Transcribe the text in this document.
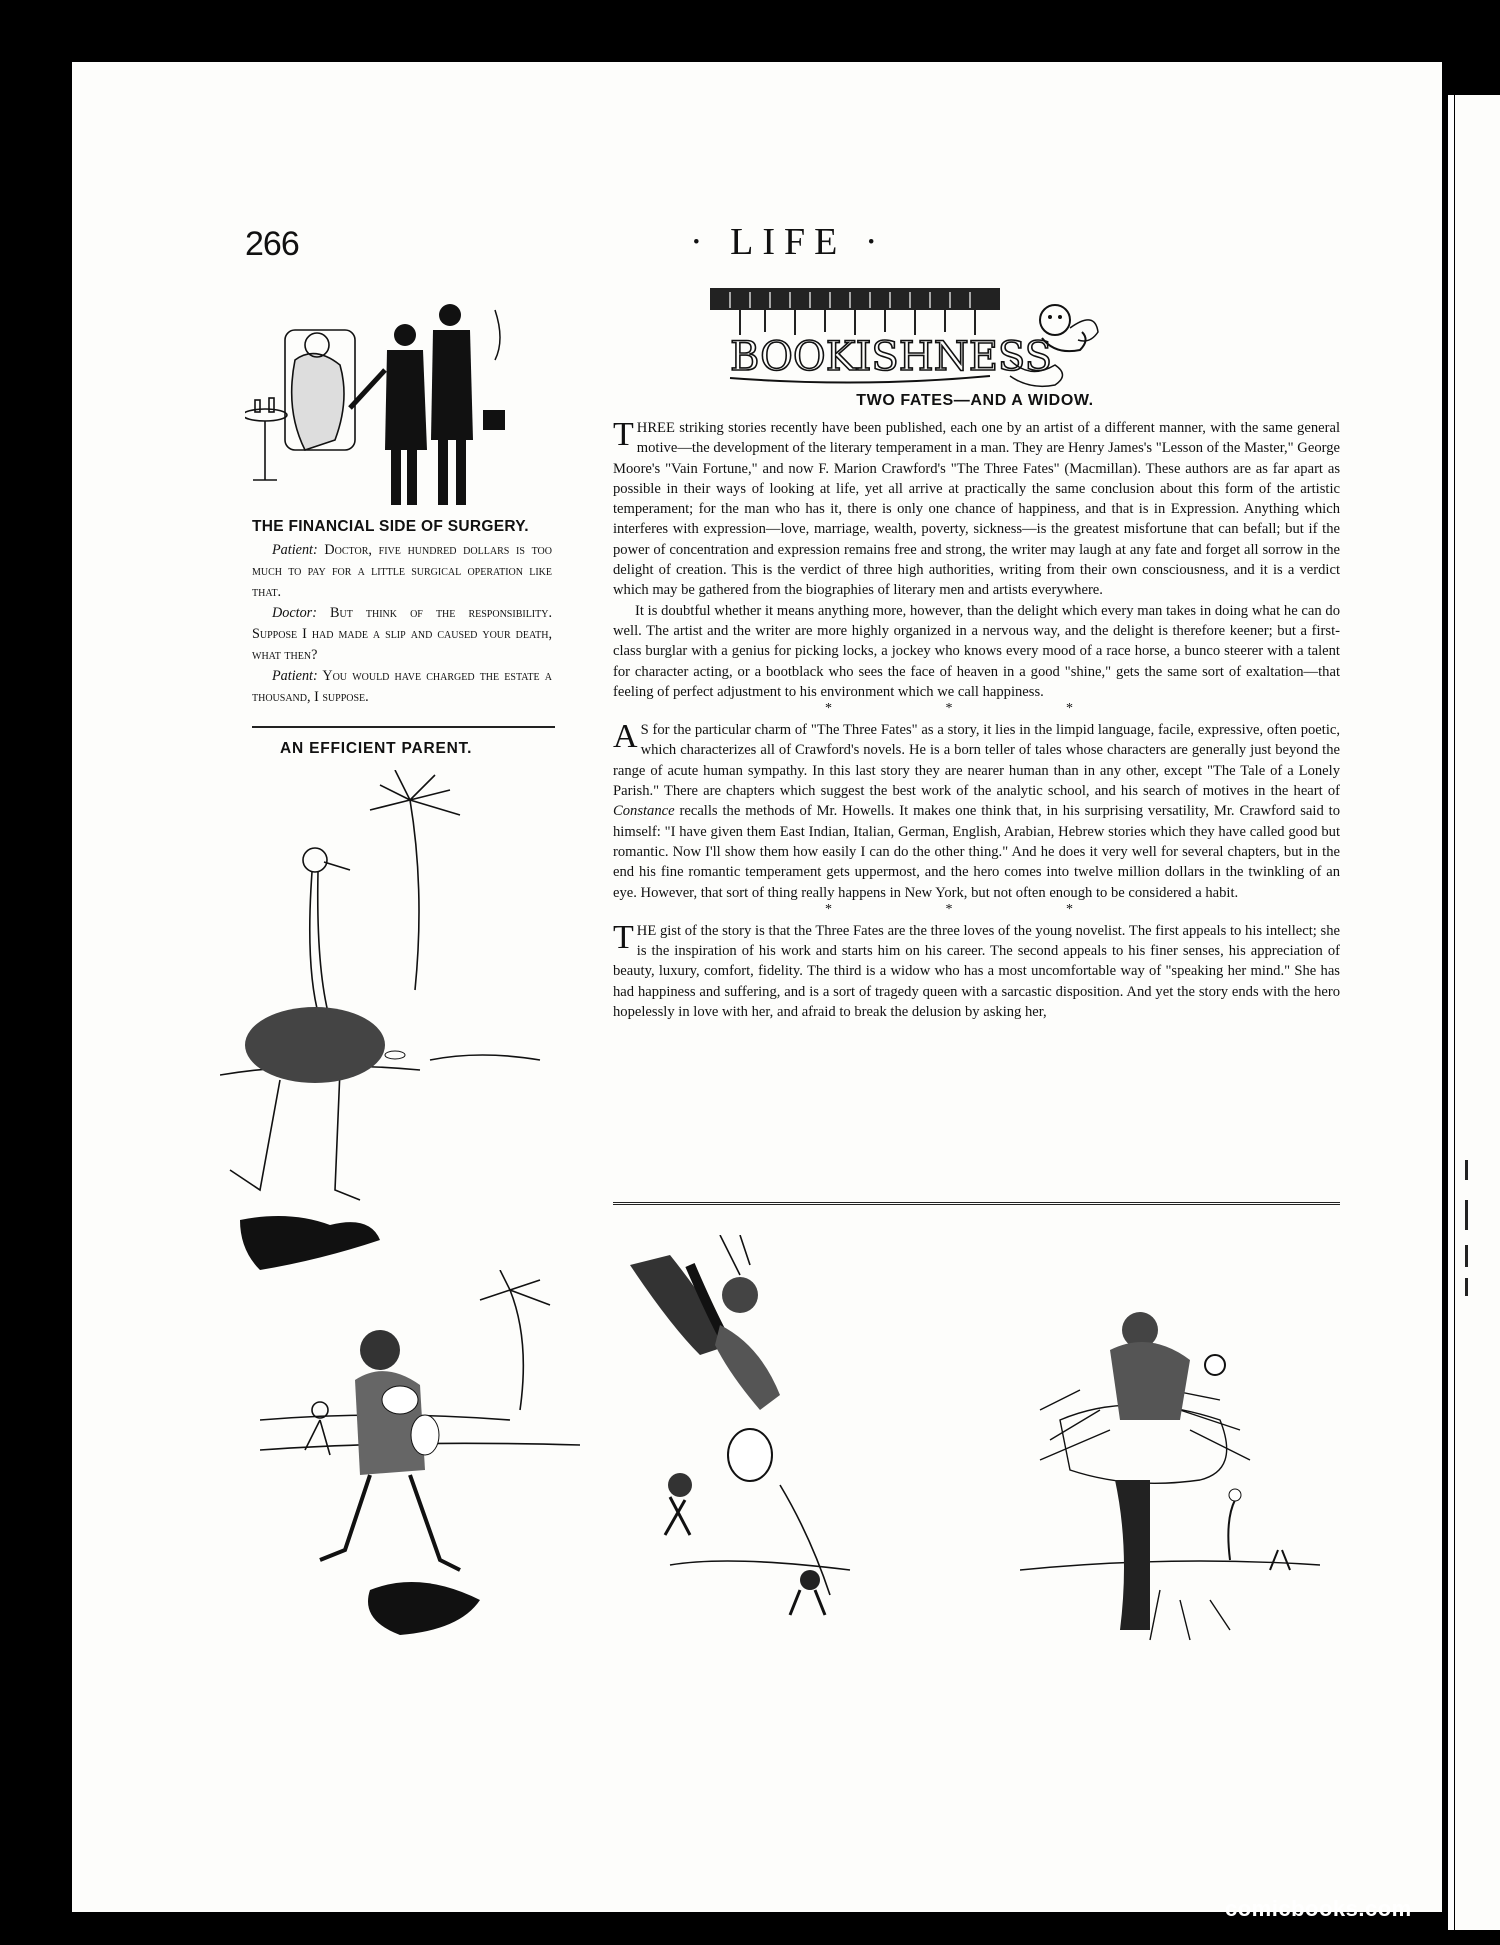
266	· LIFE ·
BOOKISHNESS
THE FINANCIAL SIDE OF SURGERY.

Patient: Doctor, five hundred dollars is too much to pay for a little surgical operation like that.

Doctor: But think of the responsibility. Suppose I had made a slip and caused your death, what then?

Patient: You would have charged the estate a thousand, I suppose.

AN EFFICIENT PARENT.
TWO FATES—AND A WIDOW.

THREE striking stories recently have been published, each one by an artist of a different manner, with the same general motive—the development of the literary temperament in a man. They are Henry James's "Lesson of the Master," George Moore's "Vain Fortune," and now F. Marion Crawford's "The Three Fates" (Macmillan). These authors are as far apart as possible in their ways of looking at life, yet all arrive at practically the same conclusion about this form of the artistic temperament; for the man who has it, there is only one chance of happiness, and that is in Expression. Anything which interferes with expression—love, marriage, wealth, poverty, sickness—is the greatest misfortune that can befall; but if the power of concentration and expression remains free and strong, the writer may laugh at any fate and forget all sorrow in the delight of creation. This is the verdict of three high authorities, writing from their own consciousness, and it is a verdict which may be gathered from the biographies of literary men and artists everywhere.

It is doubtful whether it means anything more, however, than the delight which every man takes in doing what he can do well. The artist and the writer are more highly organized in a nervous way, and the delight is therefore keener; but a first-class burglar with a genius for picking locks, a jockey who knows every mood of a race horse, a bunco steerer with a talent for character acting, or a bootblack who sees the face of heaven in a good "shine," gets the same sort of exaltation—that feeling of perfect adjustment to his environment which we call happiness.

* * *

A S for the particular charm of "The Three Fates" as a story, it lies in the limpid language, facile, expressive, often poetic, which characterizes all of Crawford's novels. He is a born teller of tales whose characters are generally just beyond the range of acute human sympathy. In this last story they are nearer human than in any other, except "The Tale of a Lonely Parish." There are chapters which suggest the best work of the analytic school, and his search of motives in the heart of Constance recalls the methods of Mr. Howells. It makes one think that, in his surprising versatility, Mr. Crawford said to himself: "I have given them East Indian, Italian, German, English, Arabian, Hebrew stories which they have called good but romantic. Now I'll show them how easily I can do the other thing." And he does it very well for several chapters, but in the end his fine romantic temperament gets uppermost, and the hero comes into twelve million dollars in the twinkling of an eye. However, that sort of thing really happens in New York, but not often enough to be considered a habit.

* * *

THE gist of the story is that the Three Fates are the three loves of the young novelist. The first appeals to his intellect; she is the inspiration of his work and starts him on his career. The second appeals to his finer senses, his appreciation of beauty, luxury, comfort, fidelity. The third is a widow who has a most uncomfortable way of "speaking her mind." She has had happiness and suffering, and is a sort of tragedy queen with a sarcastic disposition. And yet the story ends with the hero hopelessly in love with her, and afraid to break the delusion by asking her,

comicbooks.com
